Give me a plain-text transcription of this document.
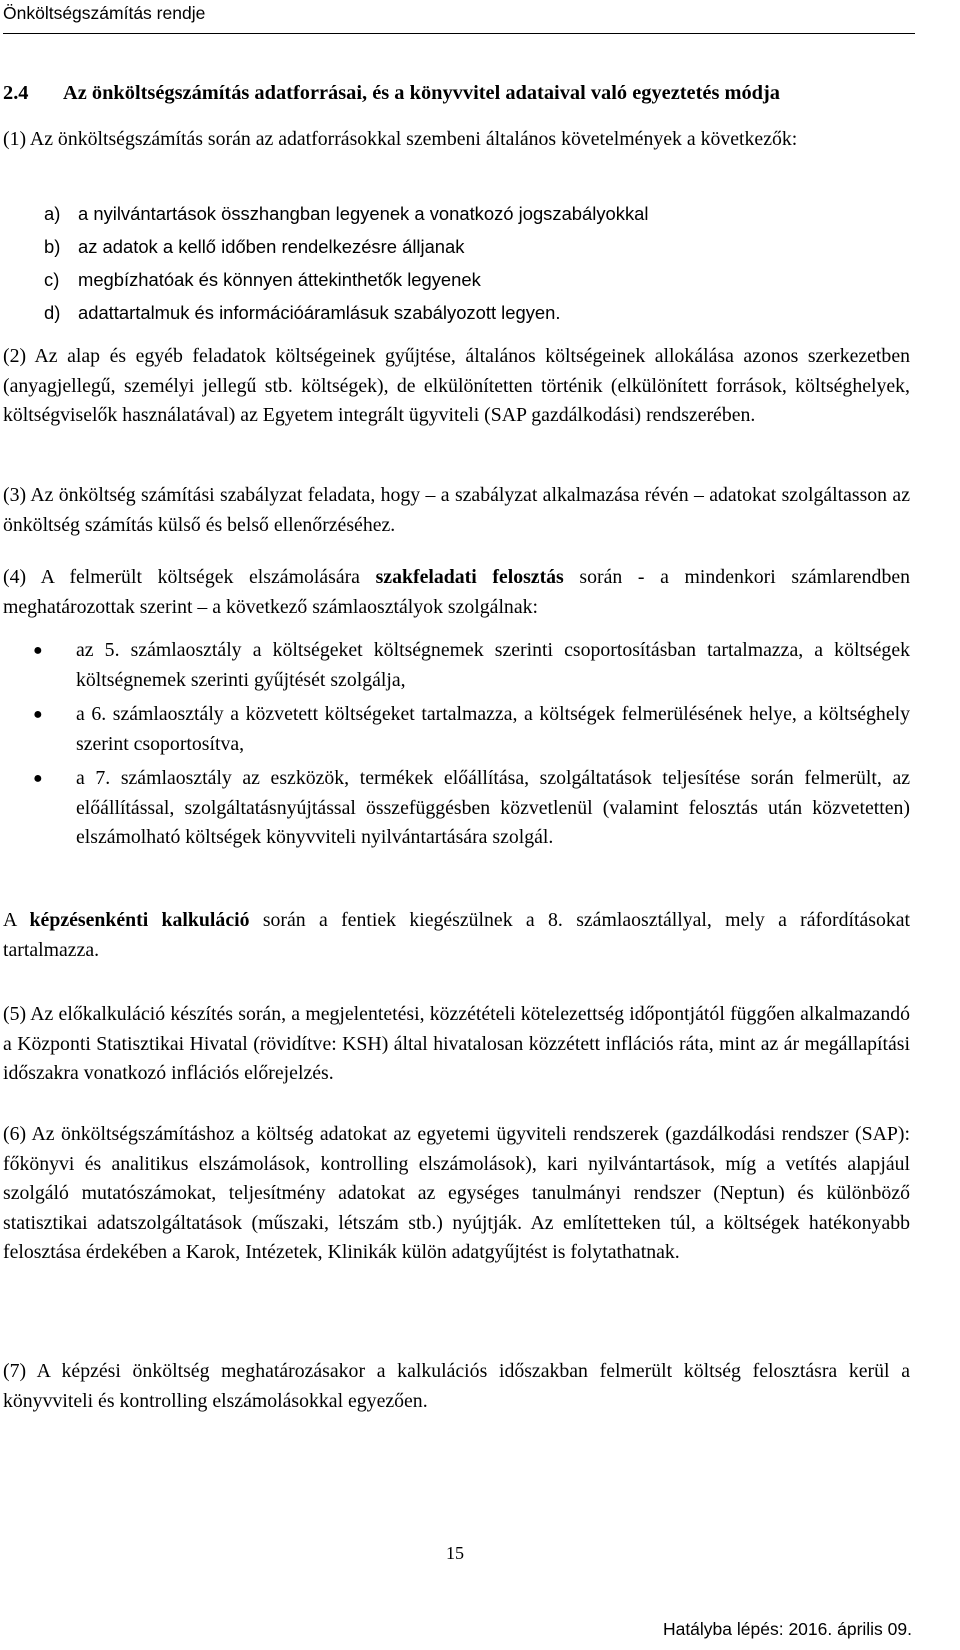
Önköltségszámítás rendje
2.4 Az önköltségszámítás adatforrásai, és a könyvvitel adataival való egyeztetés módja
(1) Az önköltségszámítás során az adatforrásokkal szembeni általános követelmények a következők:
a) a nyilvántartások összhangban legyenek a vonatkozó jogszabályokkal
b) az adatok a kellő időben rendelkezésre álljanak
c) megbízhatóak és könnyen áttekinthetők legyenek
d) adattartalmuk és információáramlásuk szabályozott legyen.
(2) Az alap és egyéb feladatok költségeinek gyűjtése, általános költségeinek allokálása azonos szerkezetben (anyagjellegű, személyi jellegű stb. költségek), de elkülönítetten történik (elkülönített források, költséghelyek, költségviselők használatával) az Egyetem integrált ügyviteli (SAP gazdálkodási) rendszerében.
(3) Az önköltség számítási szabályzat feladata, hogy – a szabályzat alkalmazása révén – adatokat szolgáltasson az önköltség számítás külső és belső ellenőrzéséhez.
(4) A felmerült költségek elszámolására szakfeladati felosztás során - a mindenkori számlarendben meghatározottak szerint – a következő számlaosztályok szolgálnak:
● az 5. számlaosztály a költségeket költségnemek szerinti csoportosításban tartalmazza, a költségek költségnemek szerinti gyűjtését szolgálja,
● a 6. számlaosztály a közvetett költségeket tartalmazza, a költségek felmerülésének helye, a költséghely szerint csoportosítva,
● a 7. számlaosztály az eszközök, termékek előállítása, szolgáltatások teljesítése során felmerült, az előállítással, szolgáltatásnyújtással összefüggésben közvetlenül (valamint felosztás után közvetetten) elszámolható költségek könyvviteli nyilvántartására szolgál.
A képzésenkénti kalkuláció során a fentiek kiegészülnek a 8. számlaosztállyal, mely a ráfordításokat tartalmazza.
(5) Az előkalkuláció készítés során, a megjelentetési, közzétételi kötelezettség időpontjától függően alkalmazandó a Központi Statisztikai Hivatal (rövidítve: KSH) által hivatalosan közzétett inflációs ráta, mint az ár megállapítási időszakra vonatkozó inflációs előrejelzés.
(6) Az önköltségszámításhoz a költség adatokat az egyetemi ügyviteli rendszerek (gazdálkodási rendszer (SAP): főkönyvi és analitikus elszámolások, kontrolling elszámolások), kari nyilvántartások, míg a vetítés alapjául szolgáló mutatószámokat, teljesítmény adatokat az egységes tanulmányi rendszer (Neptun) és különböző statisztikai adatszolgáltatások (műszaki, létszám stb.) nyújtják. Az említetteken túl, a költségek hatékonyabb felosztása érdekében a Karok, Intézetek, Klinikák külön adatgyűjtést is folytathatnak.
(7) A képzési önköltség meghatározásakor a kalkulációs időszakban felmerült költség felosztásra kerül a könyvviteli és kontrolling elszámolásokkal egyezően.
15
Hatályba lépés: 2016. április 09.
